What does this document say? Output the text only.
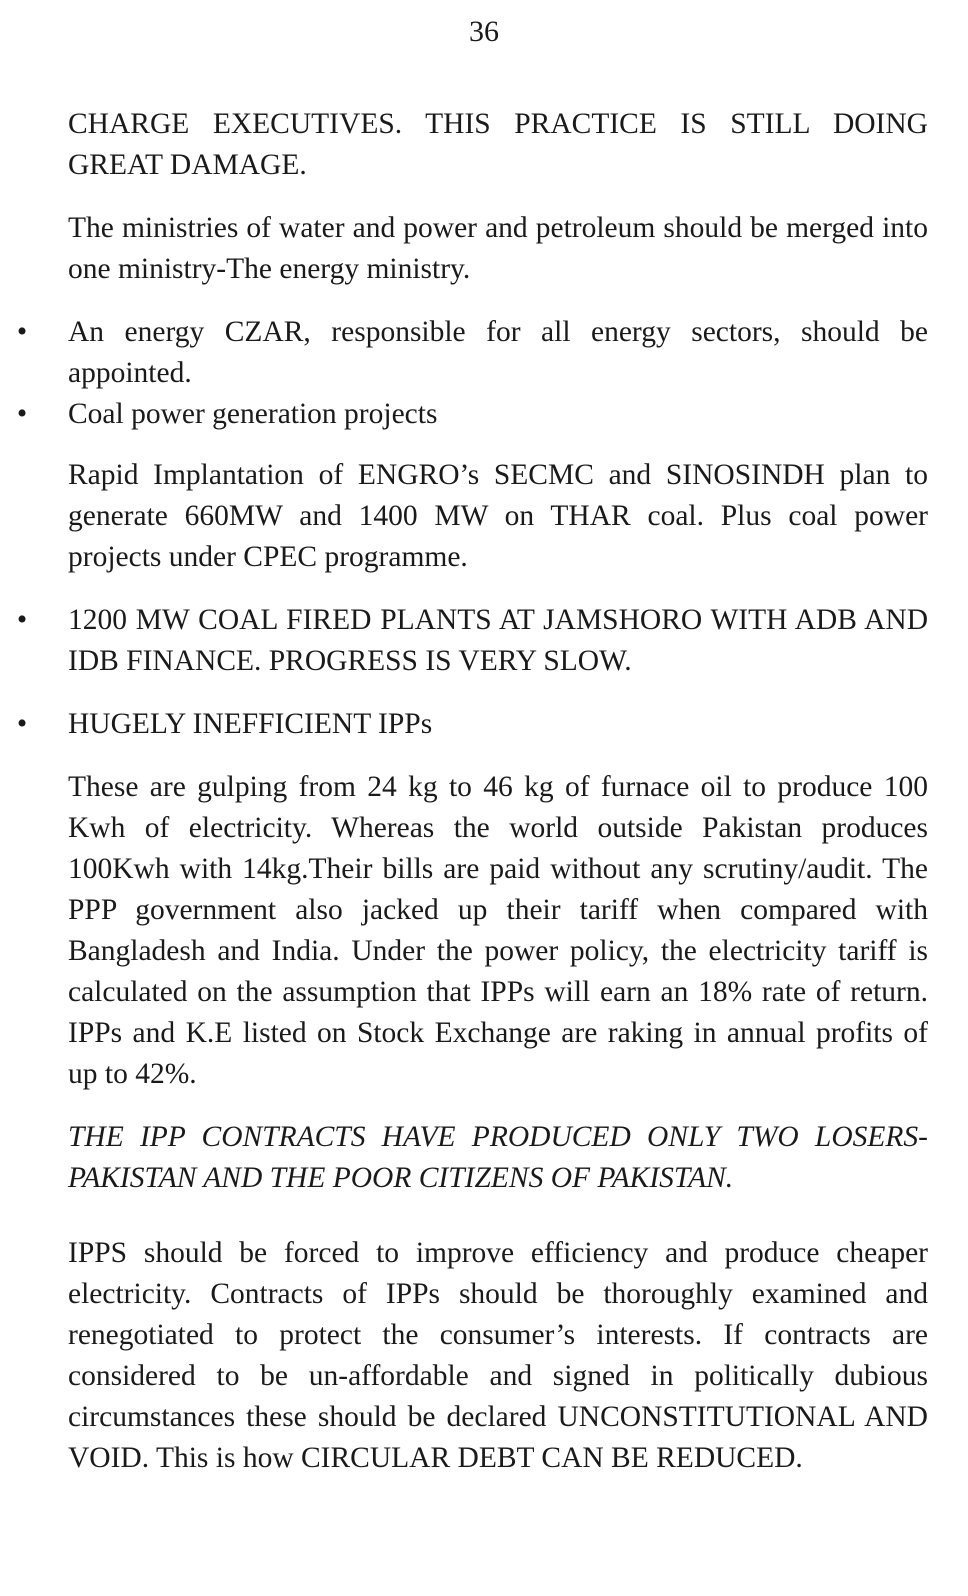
36

CHARGE EXECUTIVES. THIS PRACTICE IS STILL DOING GREAT DAMAGE.

The ministries of water and power and petroleum should be merged into one ministry-The energy ministry.

• An energy CZAR, responsible for all energy sectors, should be appointed.
• Coal power generation projects

Rapid Implantation of ENGRO’s SECMC and SINOSINDH plan to generate 660MW and 1400 MW on THAR coal. Plus coal power projects under CPEC programme.

• 1200 MW COAL FIRED PLANTS AT JAMSHORO WITH ADB AND IDB FINANCE. PROGRESS IS VERY SLOW.
• HUGELY INEFFICIENT IPPs

These are gulping from 24 kg to 46 kg of furnace oil to produce 100 Kwh of electricity. Whereas the world outside Pakistan produces 100Kwh with 14kg.Their bills are paid without any scrutiny/audit. The PPP government also jacked up their tariff when compared with Bangladesh and India. Under the power policy, the electricity tariff is calculated on the assumption that IPPs will earn an 18% rate of return. IPPs and K.E listed on Stock Exchange are raking in annual profits of up to 42%.

THE IPP CONTRACTS HAVE PRODUCED ONLY TWO LOSERS-PAKISTAN AND THE POOR CITIZENS OF PAKISTAN.

IPPS should be forced to improve efficiency and produce cheaper electricity. Contracts of IPPs should be thoroughly examined and renegotiated to protect the consumer’s interests. If contracts are considered to be un-affordable and signed in politically dubious circumstances these should be declared UNCONSTITUTIONAL AND VOID. This is how CIRCULAR DEBT CAN BE REDUCED.
